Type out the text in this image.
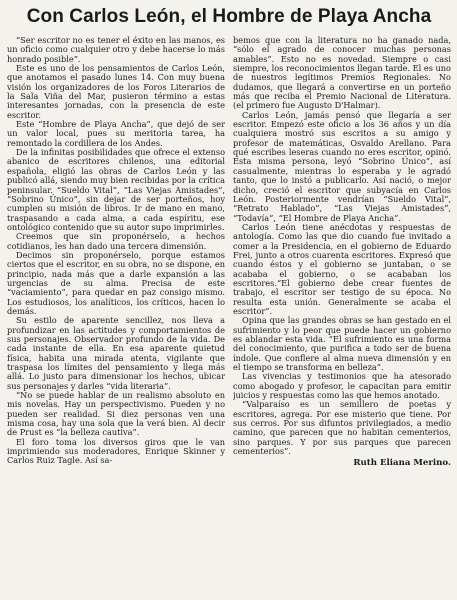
Con Carlos León, el Hombre de Playa Ancha

“Ser escritor no es tener el éxito en las manos, es un oficio como cualquier otro y debe hacerse lo más honrado posible”.

Este es uno de los pensamientos de Carlos León, que anotamos el pasado lunes 14. Con muy buena visión los organizadores de los Foros Literarios de la Sala Viña del Mar, pusieron término a estas interesantes jornadas, con la presencia de este escritor.

Este “Hombre de Playa Ancha”, que dejó de ser un valor local, pues su meritoria tarea, ha remontado la cordillera de los Andes.

De la infinitas posibilidades que ofrece el extenso abanico de escritores chilenos, una editorial española, eligió las obras de Carlos León y las publicó allá, siendo muy bien recibidas por la crítica peninsular. “Sueldo Vital”, “Las Viejas Amistades”, “Sobrino Único”, sin dejar de ser porteños, hoy cumplen su misión de libros. Ir de mano en mano, traspasando a cada alma, a cada espíritu, ese ontológico contenido que su autor supo imprimirles.

Creemos que sin proponérselo, a hechos cotidianos, les han dado una tercera dimensión.

Decimos sin proponérselo, porque estamos ciertos que el escritor, en su obra, no se dispone, en principio, nada más que a darle expansión a las urgencias de su alma. Precisa de este “vaciamiento”, para quedar en paz consigo mismo. Los estudiosos, los analíticos, los críticos, hacen lo demás.

Su estilo de aparente sencillez, nos lleva a profundizar en las actitudes y comportamientos de sus personajes. Observador profundo de la vida. De cada instante de ella. En esa aparente quietud física, habita una mirada atenta, vigilante que traspasa los límites del pensamiento y llega más allá. Lo justo para dimensionar los hechos, ubicar sus personajes y darles “vida literaria”.

“No se puede hablar de un realismo absoluto en mis novelas. Hay un perspectivismo. Pueden y no pueden ser realidad. Si diez personas ven una misma cosa, hay una sola que la verá bien. Al decir de Prust es “la belleza cautiva”.

El foro toma los diversos giros que le van imprimiendo sus moderadores, Enrique Skinner y Carlos Ruiz Tagle. Así sa-

bemos que con la literatura no ha ganado nada, “sólo el agrado de conocer muchas personas amables”. Esto no es novedad. Siempre o casi siempre, los reconocimientos llegan tarde. El es uno de nuestros legítimos Premios Regionales. No dudamos, que llegará a convertirse en un porteño más que reciba el Premio Nacional de Literatura. (el primero fue Augusto D'Halmar).

Carlos León, jamás pensó que llegaría a ser escritor. Empezó este oficio a los 36 años y un día cualquiera mostró sus escritos a su amigo y profesor de matemáticas, Osvaldo Arellano. Para qué escribes leseras cuando no eres escritor, opinó. Esta misma persona, leyó “Sobrino Único”, así casualmente, mientras lo esperaba y le agradó tanto, que lo instó a publicarlo. Así nació, o mejor dicho, creció el escritor que subyacía en Carlos León. Posteriormente vendrían “Sueldo Vital”, “Retrato Hablado”, “Las Viejas Amistades”, “Todavía”, “El Hombre de Playa Ancha”.

Carlos León tiene anécdotas y respuestas de antología. Como las que dio cuando fue invitado a comer a la Presidencia, en el gobierno de Eduardo Frei, junto a otros cuarenta escritores. Expresó que cuando éstos y el gobierno se juntaban, o se acababa el gobierno, o se acababan los escritores.“El gobierno debe crear fuentes de trabajo, el escritor ser testigo de su época. No resulta esta unión. Generalmente se acaba el escritor”.

Opina que las grandes obras se han gestado en el sufrimiento y lo peor que puede hacer un gobierno es ablandar esta vida. “El sufrimiento es una forma del conocimiento, que purifica a todo ser de buena índole. Que conflere al alma nueva dimensión y en el tiempo se transforma en belleza”.

Las vivencias y testimonios que ha atesorado como abogado y profesor, le capacitan para emitir juicios y respuestas como las que hemos anotado.

“Valparaíso es un semillero de poetas y escritores, agrega. Por ese misterio que tiene. Por sus cerros. Por sus difuntos privilegiados, a medio camino, que parecen que no habitan cementerios, sino parques. Y por sus parques que parecen cementerios”.

Ruth Eliana Merino.
